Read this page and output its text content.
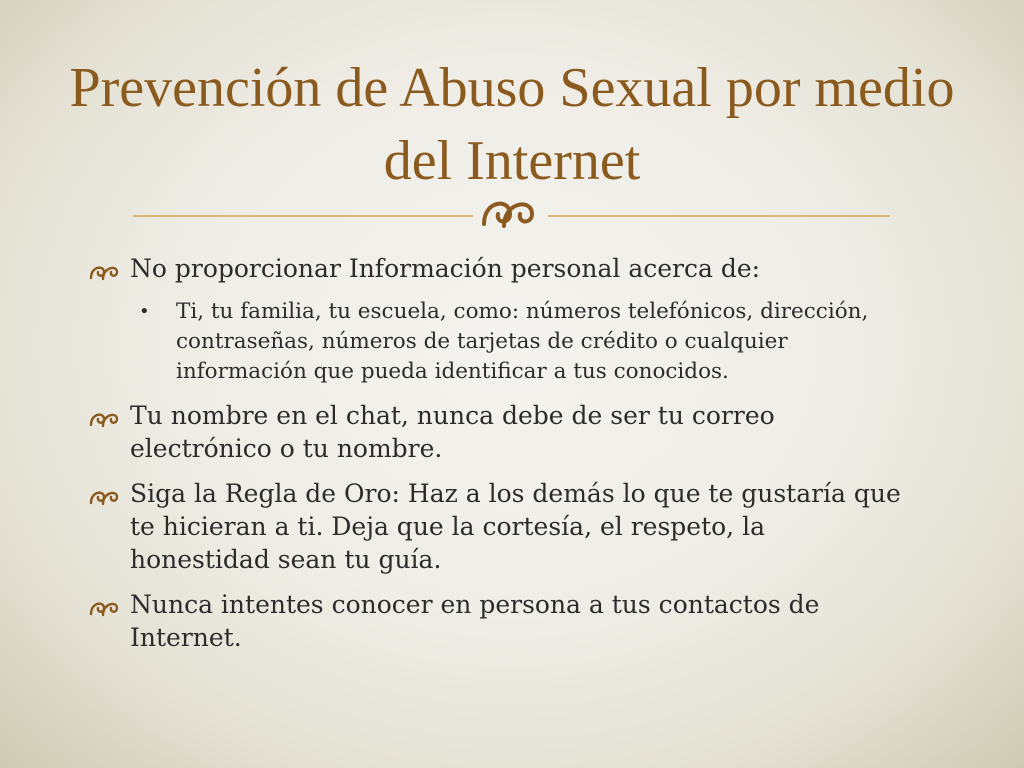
Prevención de Abuso Sexual por medio del Internet
No proporcionar Información personal acerca de:
• Ti, tu familia, tu escuela, como: números telefónicos, dirección, contraseñas, números de tarjetas de crédito o cualquier información que pueda identificar a tus conocidos.
Tu nombre en el chat, nunca debe de ser tu correo electrónico o tu nombre.
Siga la Regla de Oro: Haz a los demás lo que te gustaría que te hicieran a ti. Deja que la cortesía, el respeto, la honestidad sean tu guía.
Nunca intentes conocer en persona a tus contactos de Internet.
